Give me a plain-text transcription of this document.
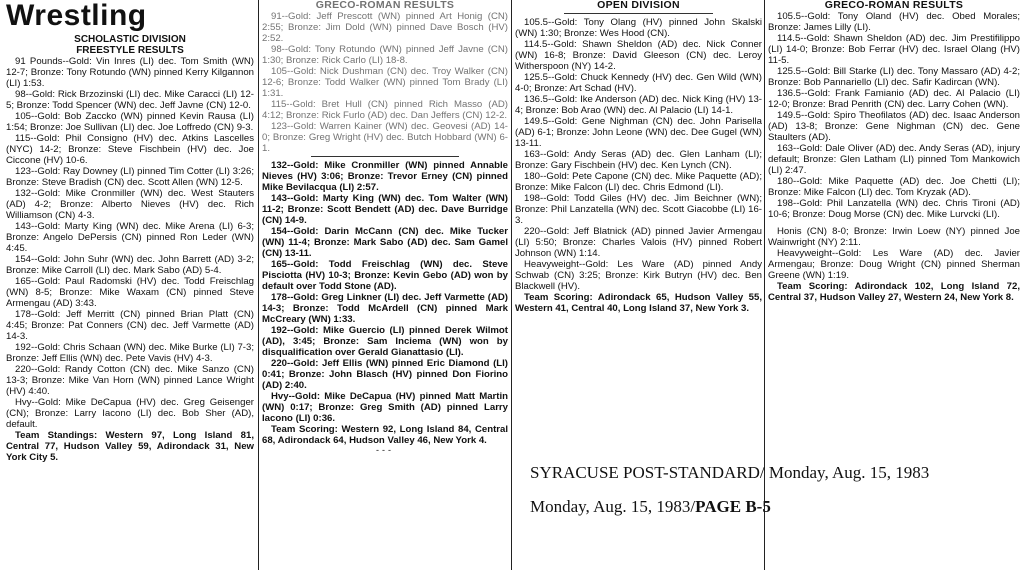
Wrestling
SCHOLASTIC DIVISION
FREESTYLE RESULTS

91 Pounds--Gold: Vin Inres (LI) dec. Tom Smith (WN) 12-7; Bronze: Tony Rotundo (WN) pinned Kerry Kilgannon (LI) 1:53.

98--Gold: Rick Brzozinski (LI) dec. Mike Caracci (LI) 12-5; Bronze: Todd Spencer (WN) dec. Jeff Javne (CN) 12-0.

105--Gold: Bob Zaccko (WN) pinned Kevin Rausa (LI) 1:54; Bronze: Joe Sullivan (LI) dec. Joe Loffredo (CN) 9-3.

115--Gold: Phil Consigno (HV) dec. Atkins Lascelles (NYC) 14-2; Bronze: Steve Fischbein (HV) dec. Joe Ciccone (HV) 10-6.

123--Gold: Ray Downey (LI) pinned Tim Cotter (LI) 3:26; Bronze: Steve Bradish (CN) dec. Scott Allen (WN) 12-5.

132--Gold: Mike Cronmiller (WN) dec. West Stauters (AD) 4-2; Bronze: Alberto Nieves (HV) dec. Rich Williamson (CN) 4-3.

143--Gold: Marty King (WN) dec. Mike Arena (LI) 6-3; Bronze: Angelo DePersis (CN) pinned Ron Leder (WN) 4:45.

154--Gold: John Suhr (WN) dec. John Barrett (AD) 3-2; Bronze: Mike Carroll (LI) dec. Mark Sabo (AD) 5-4.

165--Gold: Paul Radomski (HV) dec. Todd Freischlag (WN) 8-5; Bronze: Mike Waxam (CN) pinned Steve Armengau (AD) 3:43.

178--Gold: Jeff Merritt (CN) pinned Brian Platt (CN) 4:45; Bronze: Pat Conners (CN) dec. Jeff Varmette (AD) 14-3.

192--Gold: Chris Schaan (WN) dec. Mike Burke (LI) 7-3; Bronze: Jeff Ellis (WN) dec. Pete Vavis (HV) 4-3.

220--Gold: Randy Cotton (CN) dec. Mike Sanzo (CN) 13-3; Bronze: Mike Van Horn (WN) pinned Lance Wright (HV) 4:40.

Hvy--Gold: Mike DeCapua (HV) dec. Greg Geisenger (CN); Bronze: Larry Iacono (LI) dec. Bob Sher (AD), default.

Team Standings: Western 97, Long Island 81, Central 77, Hudson Valley 59, Adirondack 31, New York City 5.

GRECO-ROMAN RESULTS

91--Gold: Jeff Prescott (WN) pinned Art Honig (CN) 2:55; Bronze: Jim Dold (WN) pinned Dave Bosch (HV) 2:52.

98--Gold: Tony Rotundo (WN) pinned Jeff Javne (CN) 1:30; Bronze: Rick Carlo (LI) 18-8.

105--Gold: Nick Dushman (CN) dec. Troy Walker (CN) 12-6; Bronze: Todd Walker (WN) pinned Tom Brady (LI) 1:31.

115--Gold: Bret Hull (CN) pinned Rich Masso (AD) 4:12; Bronze: Rick Furlo (AD) dec. Dan Jeffers (CN) 12-2.

123--Gold: Warren Kainer (WN) dec. Geovesi (AD) 14-0; Bronze: Greg Wright (HV) dec. Butch Hobbard (WN) 6-1.

132--Gold: Mike Cronmiller (WN) pinned Annable Nieves (HV) 3:06; Bronze: Trevor Erney (CN) pinned Mike Bevilacqua (LI) 2:57.

143--Gold: Marty King (WN) dec. Tom Walter (WN) 11-2; Bronze: Scott Bendett (AD) dec. Dave Burridge (CN) 14-9.

154--Gold: Darin McCann (CN) dec. Mike Tucker (WN) 11-4; Bronze: Mark Sabo (AD) dec. Sam Gamel (CN) 13-11.

165--Gold: Todd Freischlag (WN) dec. Steve Pisciotta (HV) 10-3; Bronze: Kevin Gebo (AD) won by default over Todd Stone (AD).

178--Gold: Greg Linkner (LI) dec. Jeff Varmette (AD) 14-3; Bronze: Todd McArdell (CN) pinned Mark McCreary (WN) 1:33.

192--Gold: Mike Guercio (LI) pinned Derek Wilmot (AD), 3:45; Bronze: Sam Inciema (WN) won by disqualification over Gerald Gianattasio (LI).

220--Gold: Jeff Ellis (WN) pinned Eric Diamond (LI) 0:41; Bronze: John Blasch (HV) pinned Don Fiorino (AD) 2:40.

Hvy--Gold: Mike DeCapua (HV) pinned Matt Martin (WN) 0:17; Bronze: Greg Smith (AD) pinned Larry Iacono (LI) 0:36.

Team Scoring: Western 92, Long Island 84, Central 68, Adirondack 64, Hudson Valley 46, New York 4.

---
OPEN DIVISION

105.5--Gold: Tony Olang (HV) pinned John Skalski (WN) 1:30; Bronze: Wes Hood (CN).

114.5--Gold: Shawn Sheldon (AD) dec. Nick Conner (WN) 16-8; Bronze: David Gleeson (CN) dec. Leroy Witherspoon (NY) 14-2.

125.5--Gold: Chuck Kennedy (HV) dec. Gen Wild (WN) 4-0; Bronze: Art Schad (HV).

136.5--Gold: Ike Anderson (AD) dec. Nick King (HV) 13-4; Bronze: Bob Arao (WN) dec. Al Palacio (LI) 14-1.

149.5--Gold: Gene Nighman (CN) dec. John Parisella (AD) 6-1; Bronze: John Leone (WN) dec. Dee Gugel (WN) 13-11.

163--Gold: Andy Seras (AD) dec. Glen Lanham (LI); Bronze: Gary Fischbein (HV) dec. Ken Lynch (CN).

180--Gold: Pete Capone (CN) dec. Mike Paquette (AD); Bronze: Mike Falcon (LI) dec. Chris Edmond (LI).

198--Gold: Todd Giles (HV) dec. Jim Beichner (WN); Bronze: Phil Lanzatella (WN) dec. Scott Giacobbe (LI) 16-3.

220--Gold: Jeff Blatnick (AD) pinned Javier Armengau (LI) 5:50; Bronze: Charles Valois (HV) pinned Robert Johnson (WN) 1:14.

Heavyweight--Gold: Les Ware (AD) pinned Andy Schwab (CN) 3:25; Bronze: Kirk Butryn (HV) dec. Ben Blackwell (HV).

Team Scoring: Adirondack 65, Hudson Valley 55, Western 41, Central 40, Long Island 37, New York 3.

GRECO-ROMAN RESULTS

105.5--Gold: Tony Oland (HV) dec. Obed Morales; Bronze: James Lilly (LI).

114.5--Gold: Shawn Sheldon (AD) dec. Jim Prestifilippo (LI) 14-0; Bronze: Bob Ferrar (HV) dec. Israel Olang (HV) 11-5.

125.5--Gold: Bill Starke (LI) dec. Tony Massaro (AD) 4-2; Bronze: Bob Pannariello (LI) dec. Safir Kadircan (WN).

136.5--Gold: Frank Famianio (AD) dec. Al Palacio (LI) 12-0; Bronze: Brad Penrith (CN) dec. Larry Cohen (WN).

149.5--Gold: Spiro Theofilatos (AD) dec. Isaac Anderson (AD) 13-8; Bronze: Gene Nighman (CN) dec. Gene Staulters (AD).

163--Gold: Dale Oliver (AD) dec. Andy Seras (AD), injury default; Bronze: Glen Latham (LI) pinned Tom Mankowich (LI) 2:47.

180--Gold: Mike Paquette (AD) dec. Joe Chetti (LI); Bronze: Mike Falcon (LI) dec. Tom Kryzak (AD).

198--Gold: Phil Lanzatella (WN) dec. Chris Tironi (AD) 10-6; Bronze: Doug Morse (CN) dec. Mike Lurvcki (LI).

Honis (CN) 8-0; Bronze: Irwin Loew (NY) pinned Joe Wainwright (NY) 2:11.

Heavyweight--Gold: Les Ware (AD) dec. Javier Armengau; Bronze: Doug Wright (CN) pinned Sherman Greene (WN) 1:19.

Team Scoring: Adirondack 102, Long Island 72, Central 37, Hudson Valley 27, Western 24, New York 8.

SYRACUSE POST-STANDARD/ Monday, Aug. 15, 1983
Monday, Aug. 15, 1983/PAGE B-5
